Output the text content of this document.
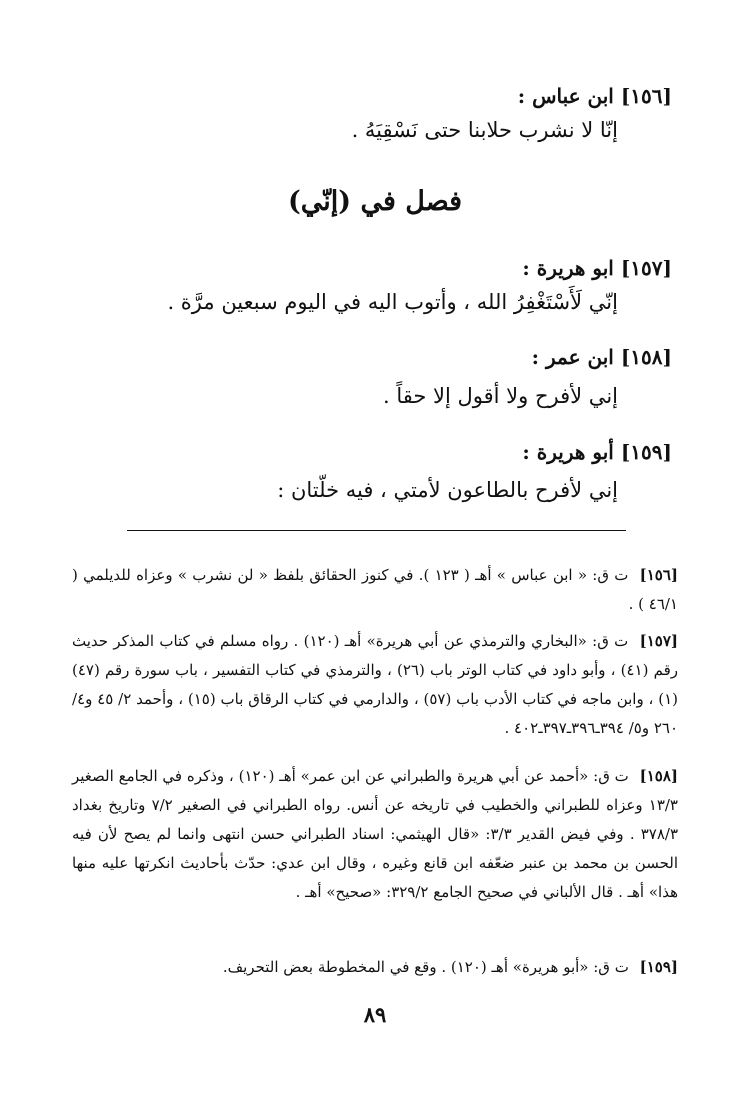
[١٥٦] ابن عباس :
إنّا لا نشرب حلابنا حتى نَسْقِيَهُ .
فصل في (إنّي)
[١٥٧] ابو هريرة :
إنّي لَأَسْتَغْفِرُ الله ، وأتوب اليه في اليوم سبعين مرَّة .
[١٥٨] ابن عمر :
إني لأفرح ولا أقول إلا حقاً .
[١٥٩] أبو هريرة :
إني لأفرح بالطاعون لأمتي ، فيه خلّتان :
[١٥٦] ت ق: « ابن عباس » أهـ ( ١٢٣ ). في كنوز الحقائق بلفظ « لن نشرب » وعزاه للديلمي ( ٤٦/١ ) .
[١٥٧] ت ق: «البخاري والترمذي عن أبي هريرة» أهـ (١٢٠) . رواه مسلم في كتاب المذكر حديث رقم (٤١) ، وأبو داود في كتاب الوتر باب (٢٦) ، والترمذي في كتاب التفسير ، باب سورة رقم (٤٧) (١) ، وابن ماجه في كتاب الأدب باب (٥٧) ، والدارمي في كتاب الرقاق باب (١٥) ، وأحمد ٢/ ٤٥ و٤/ ٢٦٠ و٥/ ٣٩٤ـ٣٩٦ـ٣٩٧ـ٤٠٢ .
[١٥٨] ت ق: «أحمد عن أبي هريرة والطبراني عن ابن عمر» أهـ (١٢٠) ، وذكره في الجامع الصغير ١٣/٣ وعزاه للطبراني والخطيب في تاريخه عن أنس. رواه الطبراني في الصغير ٧/٢ وتاريخ بغداد ٣٧٨/٣ . وفي فيض القدير ٣/٣: «قال الهيثمي: اسناد الطبراني حسن انتهى وانما لم يصح لأن فيه الحسن بن محمد بن عنبر ضعّفه ابن قانع وغيره ، وقال ابن عدي: حدّث بأحاديث انكرتها عليه منها هذا» أهـ . قال الألباني في صحيح الجامع ٣٢٩/٢: «صحيح» أهـ .
[١٥٩] ت ق: «أبو هريرة» أهـ (١٢٠) . وقع في المخطوطة بعض التحريف.
٨٩
